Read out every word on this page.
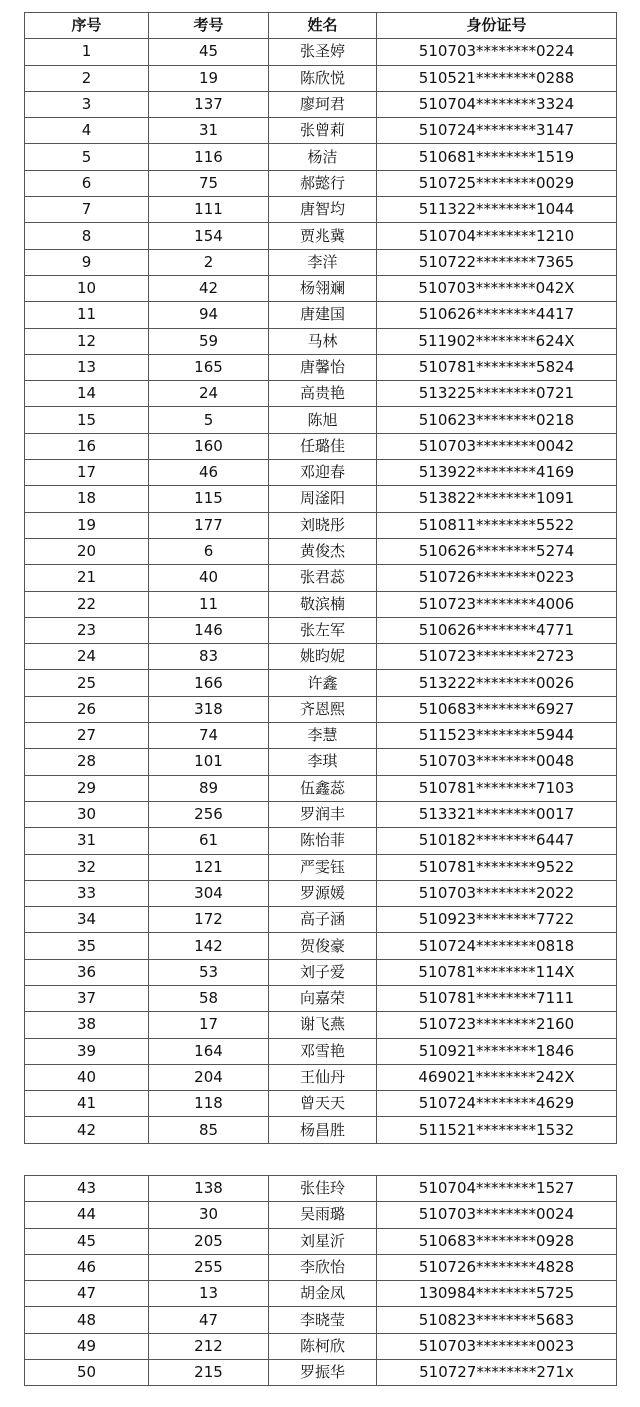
序号	考号	姓名	身份证号
1	45	张圣婷	510703********0224
2	19	陈欣悦	510521********0288
3	137	廖珂君	510704********3324
4	31	张曾莉	510724********3147
5	116	杨洁	510681********1519
6	75	郝懿行	510725********0029
7	111	唐智均	511322********1044
8	154	贾兆冀	510704********1210
9	2	李洋	510722********7365
10	42	杨翎斓	510703********042X
11	94	唐建国	510626********4417
12	59	马林	511902********624X
13	165	唐馨怡	510781********5824
14	24	高贵艳	513225********0721
15	5	陈旭	510623********0218
16	160	任璐佳	510703********0042
17	46	邓迎春	513922********4169
18	115	周滏阳	513822********1091
19	177	刘晓彤	510811********5522
20	6	黄俊杰	510626********5274
21	40	张君蕊	510726********0223
22	11	敬滨楠	510723********4006
23	146	张左军	510626********4771
24	83	姚昀妮	510723********2723
25	166	许鑫	513222********0026
26	318	齐恩熙	510683********6927
27	74	李慧	511523********5944
28	101	李琪	510703********0048
29	89	伍鑫蕊	510781********7103
30	256	罗润丰	513321********0017
31	61	陈怡菲	510182********6447
32	121	严雯钰	510781********9522
33	304	罗源媛	510703********2022
34	172	高子涵	510923********7722
35	142	贺俊豪	510724********0818
36	53	刘子爱	510781********114X
37	58	向嘉荣	510781********7111
38	17	谢飞燕	510723********2160
39	164	邓雪艳	510921********1846
40	204	王仙丹	469021********242X
41	118	曾天天	510724********4629
42	85	杨昌胜	511521********1532
43	138	张佳玲	510704********1527
44	30	吴雨璐	510703********0024
45	205	刘星沂	510683********0928
46	255	李欣怡	510726********4828
47	13	胡金凤	130984********5725
48	47	李晓莹	510823********5683
49	212	陈柯欣	510703********0023
50	215	罗振华	510727********271x
